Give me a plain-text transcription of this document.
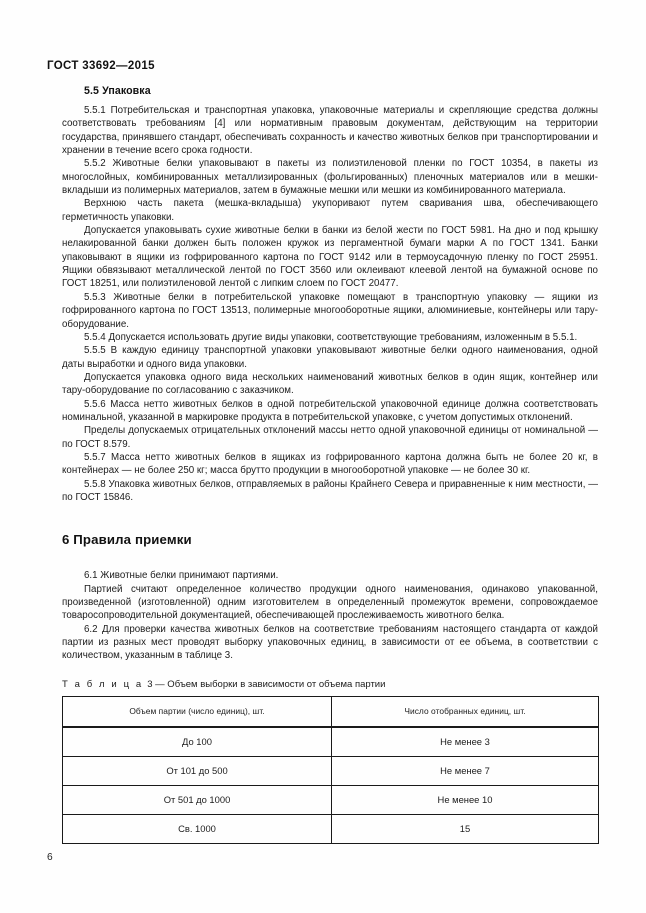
ГОСТ 33692—2015
5.5 Упаковка

5.5.1 Потребительская и транспортная упаковка, упаковочные материалы и скрепляющие средства должны соответствовать требованиям [4] или нормативным правовым документам, действующим на территории государства, принявшего стандарт, обеспечивать сохранность и качество животных белков при транспортировании и хранении в течение всего срока годности.

5.5.2 Животные белки упаковывают в пакеты из полиэтиленовой пленки по ГОСТ 10354, в пакеты из многослойных, комбинированных металлизированных (фольгированных) пленочных материалов или в мешки-вкладыши из полимерных материалов, затем в бумажные мешки или мешки из комбинированного материала.

Верхнюю часть пакета (мешка-вкладыша) укупоривают путем сваривания шва, обеспечивающего герметичность упаковки.

Допускается упаковывать сухие животные белки в банки из белой жести по ГОСТ 5981. На дно и под крышку нелакированной банки должен быть положен кружок из пергаментной бумаги марки А по ГОСТ 1341. Банки упаковывают в ящики из гофрированного картона по ГОСТ 9142 или в термоусадочную пленку по ГОСТ 25951. Ящики обвязывают металлической лентой по ГОСТ 3560 или оклеивают клеевой лентой на бумажной основе по ГОСТ 18251, или полиэтиленовой лентой с липким слоем по ГОСТ 20477.

5.5.3 Животные белки в потребительской упаковке помещают в транспортную упаковку — ящики из гофрированного картона по ГОСТ 13513, полимерные многооборотные ящики, алюминиевые, контейнеры или тару-оборудование.

5.5.4 Допускается использовать другие виды упаковки, соответствующие требованиям, изложенным в 5.5.1.

5.5.5 В каждую единицу транспортной упаковки упаковывают животные белки одного наименования, одной даты выработки и одного вида упаковки.

Допускается упаковка одного вида нескольких наименований животных белков в один ящик, контейнер или тару-оборудование по согласованию с заказчиком.

5.5.6 Масса нетто животных белков в одной потребительской упаковочной единице должна соответствовать номинальной, указанной в маркировке продукта в потребительской упаковке, с учетом допустимых отклонений.

Пределы допускаемых отрицательных отклонений массы нетто одной упаковочной единицы от номинальной — по ГОСТ 8.579.

5.5.7 Масса нетто животных белков в ящиках из гофрированного картона должна быть не более 20 кг, в контейнерах — не более 250 кг; масса брутто продукции в многооборотной упаковке — не более 30 кг.

5.5.8 Упаковка животных белков, отправляемых в районы Крайнего Севера и приравненные к ним местности, — по ГОСТ 15846.

6 Правила приемки

6.1 Животные белки принимают партиями.

Партией считают определенное количество продукции одного наименования, одинаково упакованной, произведенной (изготовленной) одним изготовителем в определенный промежуток времени, сопровождаемое товаросопроводительной документацией, обеспечивающей прослеживаемость животного белка.

6.2 Для проверки качества животных белков на соответствие требованиям настоящего стандарта от каждой партии из разных мест проводят выборку упаковочных единиц, в зависимости от ее объема, в соответствии с количеством, указанным в таблице 3.

Т а б л и ц а 3 — Объем выборки в зависимости от объема партии
Объем партии (число единиц), шт.	Число отобранных единиц, шт.
До 100	Не менее 3
От 101 до 500	Не менее 7
От 501 до 1000	Не менее 10
Св. 1000	15
6
